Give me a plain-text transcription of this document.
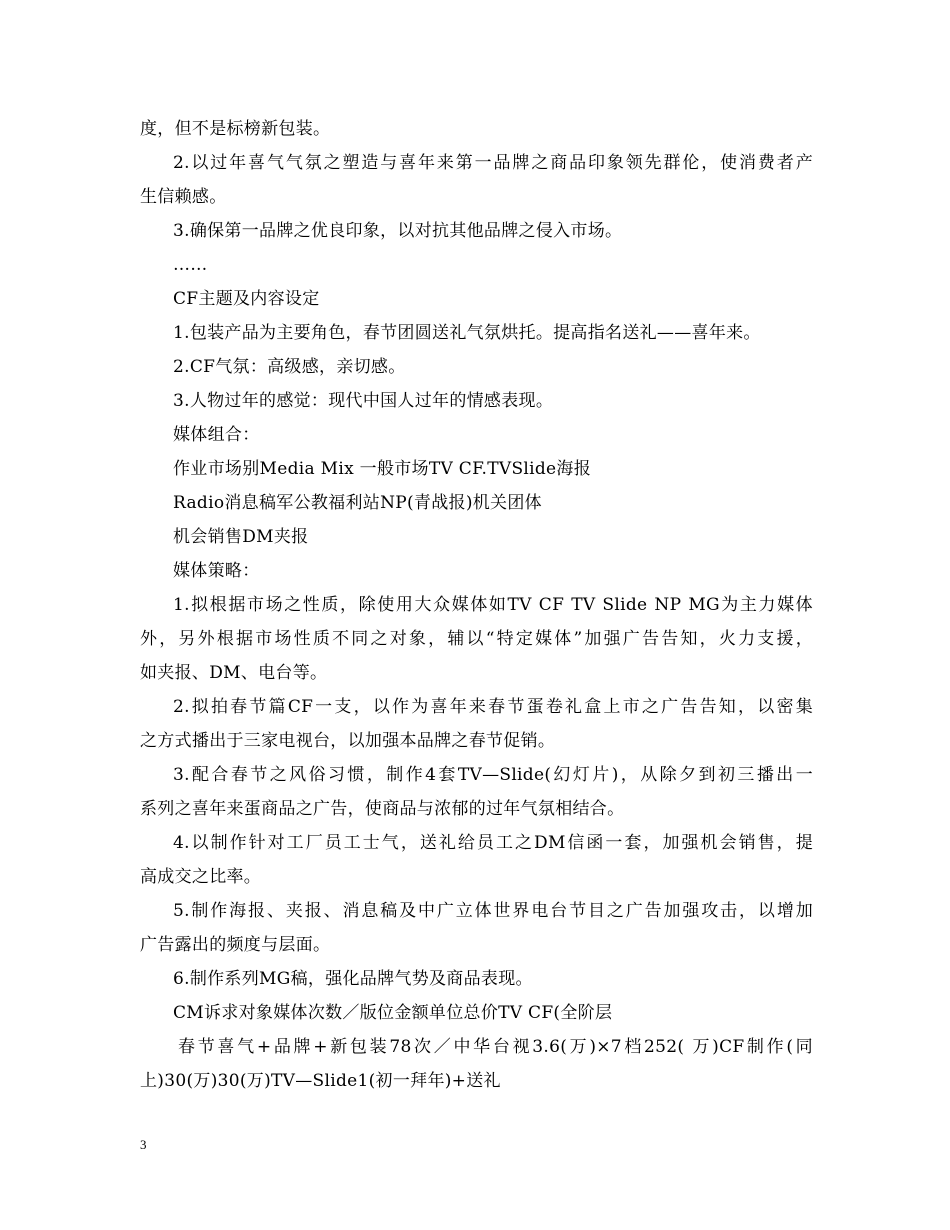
度，但不是标榜新包装。
2.以过年喜气气氛之塑造与喜年来第一品牌之商品印象领先群伦，使消费者产
生信赖感。
3.确保第一品牌之优良印象，以对抗其他品牌之侵入市场。
……
CF主题及内容设定
1.包装产品为主要角色，春节团圆送礼气氛烘托。提高指名送礼——喜年来。
2.CF气氛：高级感，亲切感。
3.人物过年的感觉：现代中国人过年的情感表现。
媒体组合：
作业市场别Media Mix 一般市场TV CF.TVSlide海报
Radio消息稿军公教福利站NP(青战报)机关团体
机会销售DM夹报
媒体策略：
1.拟根据市场之性质，除使用大众媒体如TV CF TV Slide NP MG为主力媒体
外，另外根据市场性质不同之对象，辅以“特定媒体”加强广告告知，火力支援，
如夹报、DM、电台等。
2.拟拍春节篇CF一支，以作为喜年来春节蛋卷礼盒上市之广告告知，以密集
之方式播出于三家电视台，以加强本品牌之春节促销。
3.配合春节之风俗习惯，制作4套TV—Slide(幻灯片)，从除夕到初三播出一
系列之喜年来蛋商品之广告，使商品与浓郁的过年气氛相结合。
4.以制作针对工厂员工士气，送礼给员工之DM信函一套，加强机会销售，提
高成交之比率。
5.制作海报、夹报、消息稿及中广立体世界电台节目之广告加强攻击，以增加
广告露出的频度与层面。
6.制作系列MG稿，强化品牌气势及商品表现。
CM诉求对象媒体次数／版位金额单位总价TV CF(全阶层
春节喜气+品牌+新包装78次／中华台视3.6(万)×7档252( 万)CF制作(同
上)30(万)30(万)TV—Slide1(初一拜年)+送礼
3
